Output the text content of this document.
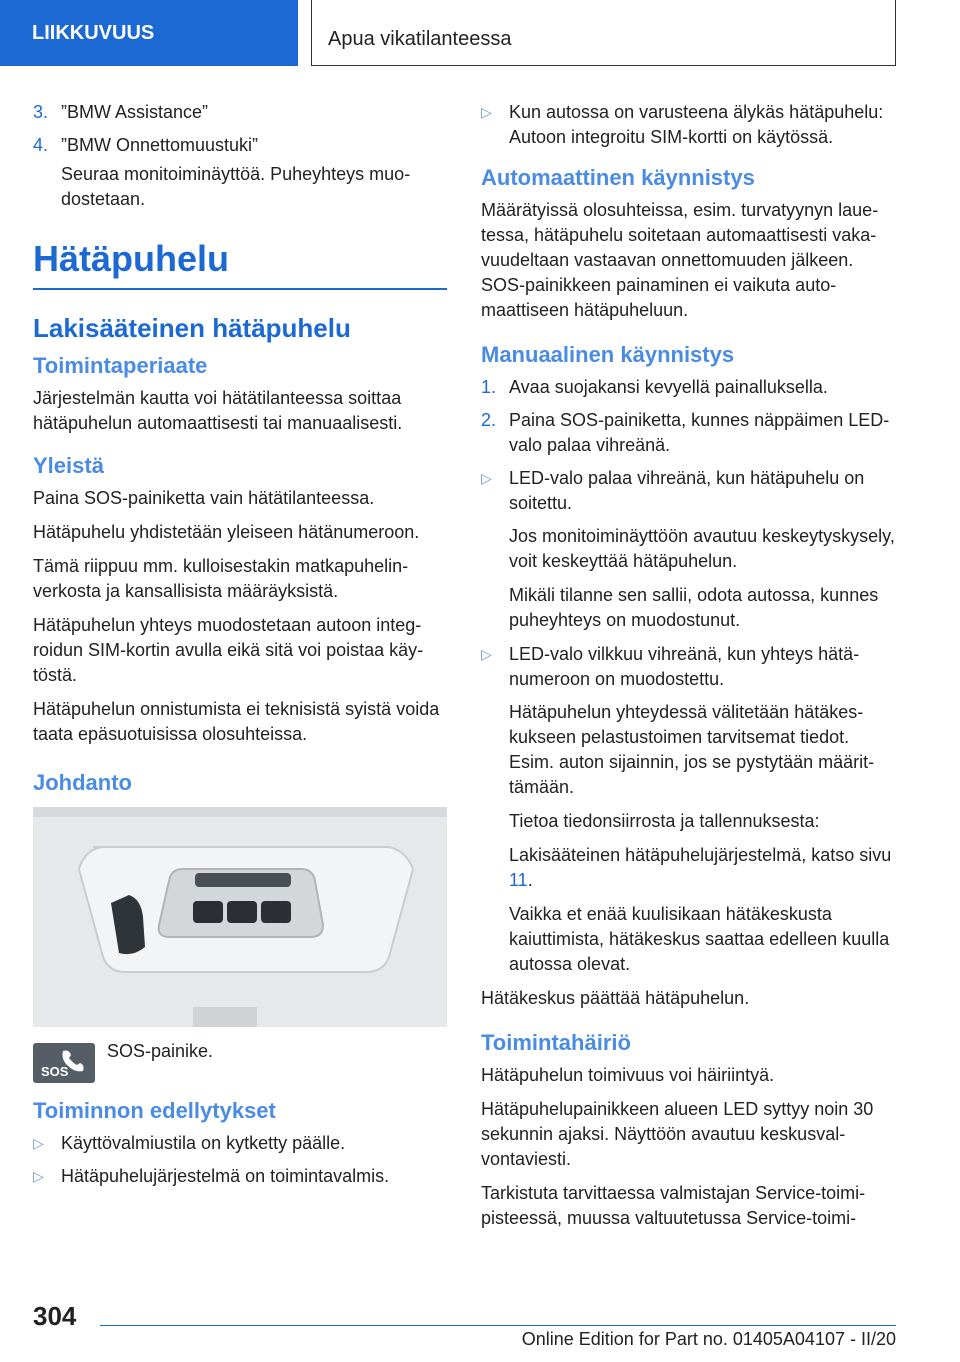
LIIKKUVUUS	Apua vikatilanteessa
3. ”BMW Assistance”
4. ”BMW Onnettomuustuki”

Seuraa monitoiminäyttöä. Puheyhteys muodostetaan.

Hätäpuhelu
Lakisääteinen hätäpuhelu
Toimintaperiaate

Järjestelmän kautta voi hätätilanteessa soittaa hätäpuhelun automaattisesti tai manuaalisesti.

Yleistä

Paina SOS-painiketta vain hätätilanteessa.

Hätäpuhelu yhdistetään yleiseen hätänumeroon.

Tämä riippuu mm. kulloisestakin matkapuhelinverkosta ja kansallisista määräyksistä.

Hätäpuhelun yhteys muodostetaan autoon integroidun SIM-kortin avulla eikä sitä voi poistaa käytöstä.

Hätäpuhelun onnistumista ei teknisistä syistä voida taata epäsuotuisissa olosuhteissa.

Johdanto
SOS

SOS-painike.

Toiminnon edellytykset
▷ Käyttövalmiustila on kytketty päälle.
▷ Hätäpuhelujärjestelmä on toimintavalmis.
▷ Kun autossa on varusteena älykäs hätäpuhelu: Autoon integroitu SIM-kortti on käytössä.
Automaattinen käynnistys

Määrätyissä olosuhteissa, esim. turvatyynyn lauetessa, hätäpuhelu soitetaan automaattisesti vakavuudeltaan vastaavan onnettomuuden jälkeen. SOS-painikkeen painaminen ei vaikuta automaattiseen hätäpuheluun.

Manuaalinen käynnistys
1. Avaa suojakansi kevyellä painalluksella.
2. Paina SOS-painiketta, kunnes näppäimen LED-valo palaa vihreänä.
▷ LED-valo palaa vihreänä, kun hätäpuhelu on soitettu.

Jos monitoiminäyttöön avautuu keskeytyskysely, voit keskeyttää hätäpuhelun.

Mikäli tilanne sen sallii, odota autossa, kunnes puheyhteys on muodostunut.

▷ LED-valo vilkkuu vihreänä, kun yhteys hätänumeroon on muodostettu.

Hätäpuhelun yhteydessä välitetään hätäkeskukseen pelastustoimen tarvitsemat tiedot. Esim. auton sijainnin, jos se pystytään määrittämään.

Tietoa tiedonsiirrosta ja tallennuksesta:

Lakisääteinen hätäpuhelujärjestelmä, katso sivu 11.

Vaikka et enää kuulisikaan hätäkeskusta kaiuttimista, hätäkeskus saattaa edelleen kuulla autossa olevat.

Hätäkeskus päättää hätäpuhelun.

Toimintahäiriö

Hätäpuhelun toimivuus voi häiriintyä.

Hätäpuhelupainikkeen alueen LED syttyy noin 30 sekunnin ajaksi. Näyttöön avautuu keskusvalvontaviesti.

Tarkistuta tarvittaessa valmistajan Service-toimipisteessä, muussa valtuutetussa Service-toimi-

304
Online Edition for Part no. 01405A04107 - II/20
